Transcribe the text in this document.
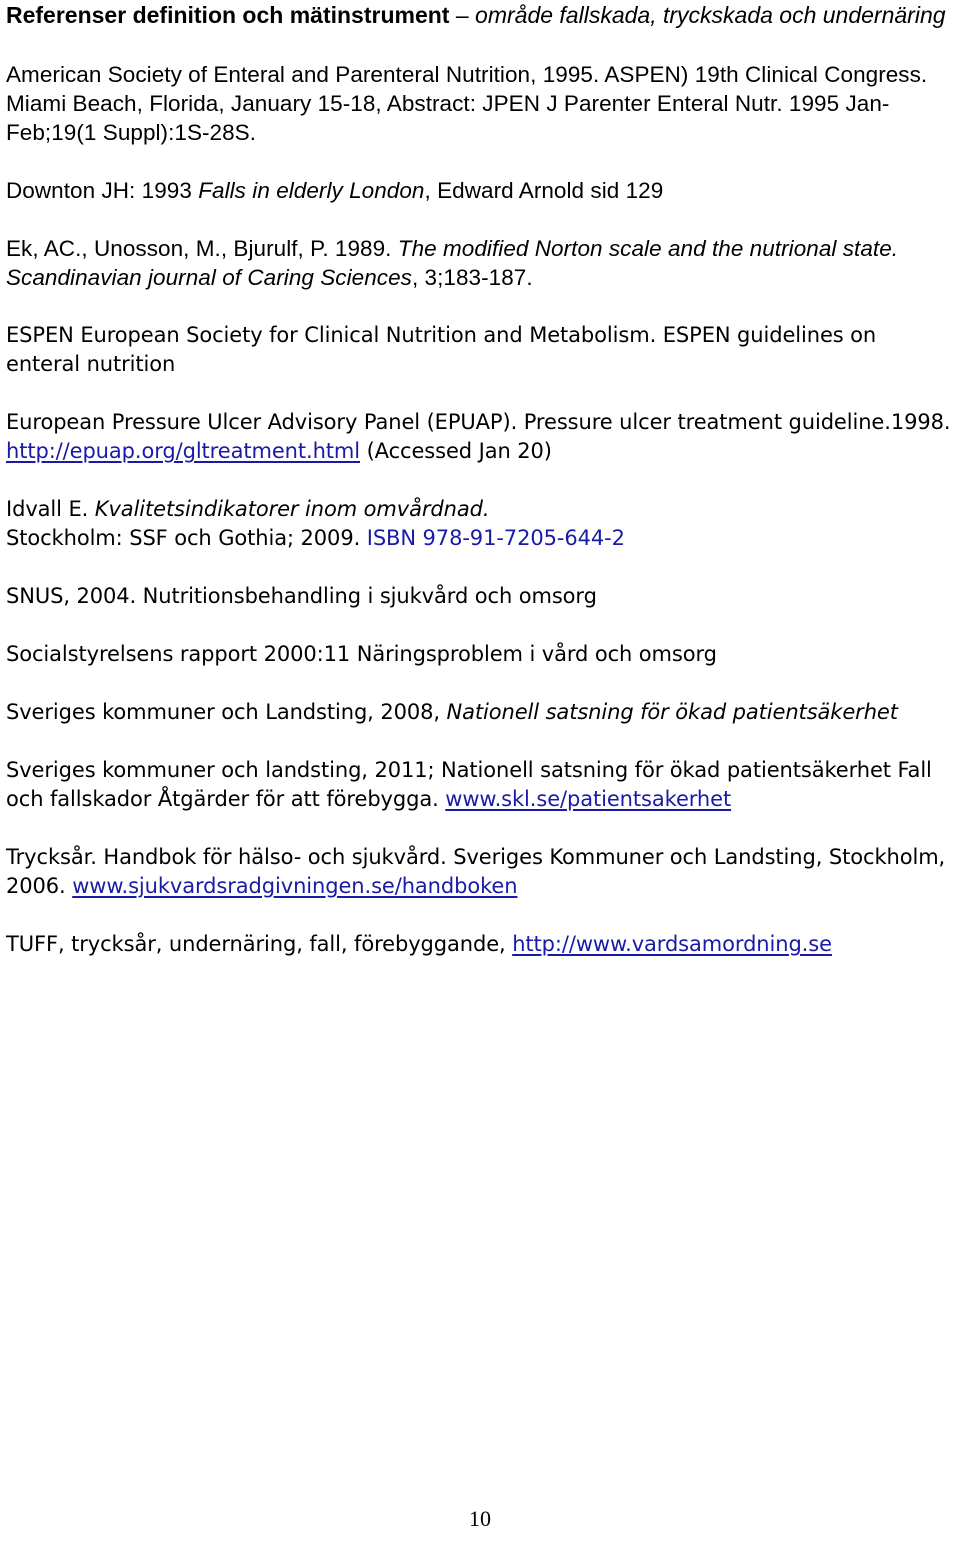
Referenser definition och mätinstrument – område fallskada, tryckskada och undernäring

American Society of Enteral and Parenteral Nutrition, 1995. ASPEN) 19th Clinical Congress. Miami Beach, Florida, January 15-18, Abstract: JPEN J Parenter Enteral Nutr. 1995 Jan-Feb;19(1 Suppl):1S-28S.

Downton JH: 1993 Falls in elderly London, Edward Arnold sid 129

Ek, AC., Unosson, M., Bjurulf, P. 1989. The modified Norton scale and the nutrional state. Scandinavian journal of Caring Sciences, 3;183-187.

ESPEN European Society for Clinical Nutrition and Metabolism. ESPEN guidelines on enteral nutrition

European Pressure Ulcer Advisory Panel (EPUAP). Pressure ulcer treatment guideline.1998. http://epuap.org/gltreatment.html (Accessed Jan 20)

Idvall E. Kvalitetsindikatorer inom omvårdnad.
Stockholm: SSF och Gothia; 2009. ISBN 978-91-7205-644-2

SNUS, 2004. Nutritionsbehandling i sjukvård och omsorg

Socialstyrelsens rapport 2000:11 Näringsproblem i vård och omsorg

Sveriges kommuner och Landsting, 2008, Nationell satsning för ökad patientsäkerhet

Sveriges kommuner och landsting, 2011; Nationell satsning för ökad patientsäkerhet Fall och fallskador Åtgärder för att förebygga. www.skl.se/patientsakerhet

Trycksår. Handbok för hälso- och sjukvård. Sveriges Kommuner och Landsting, Stockholm, 2006. www.sjukvardsradgivningen.se/handboken

TUFF, trycksår, undernäring, fall, förebyggande, http://www.vardsamordning.se

10
